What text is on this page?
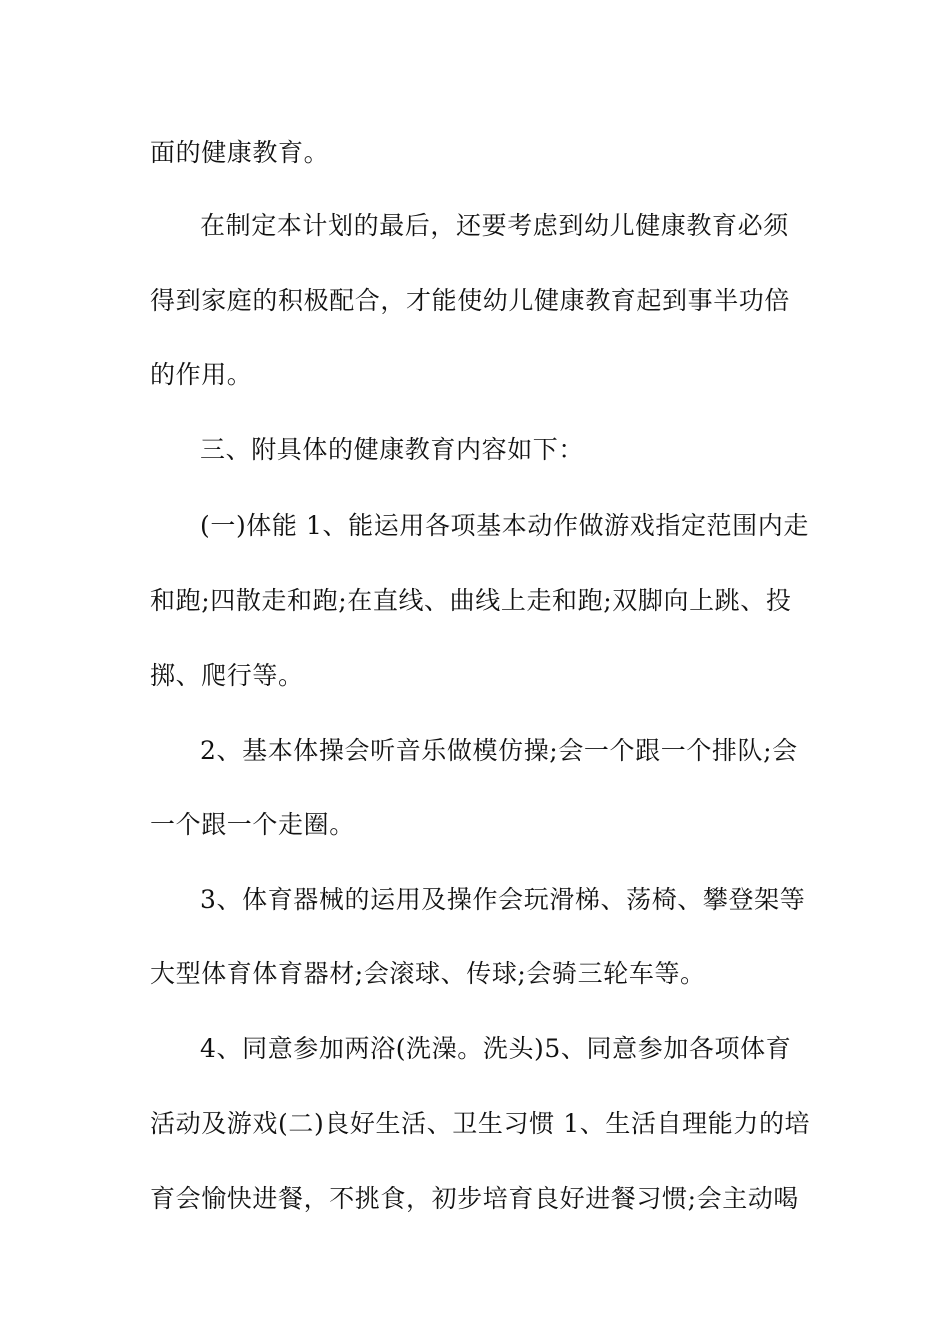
面的健康教育。
在制定本计划的最后，还要考虑到幼儿健康教育必须
得到家庭的积极配合，才能使幼儿健康教育起到事半功倍
的作用。
三、附具体的健康教育内容如下：
(一)体能 1、能运用各项基本动作做游戏指定范围内走
和跑;四散走和跑;在直线、曲线上走和跑;双脚向上跳、投
掷、爬行等。
2、基本体操会听音乐做模仿操;会一个跟一个排队;会
一个跟一个走圈。
3、体育器械的运用及操作会玩滑梯、荡椅、攀登架等
大型体育体育器材;会滚球、传球;会骑三轮车等。
4、同意参加两浴(洗澡。洗头)5、同意参加各项体育
活动及游戏(二)良好生活、卫生习惯 1、生活自理能力的培
育会愉快进餐，不挑食，初步培育良好进餐习惯;会主动喝
